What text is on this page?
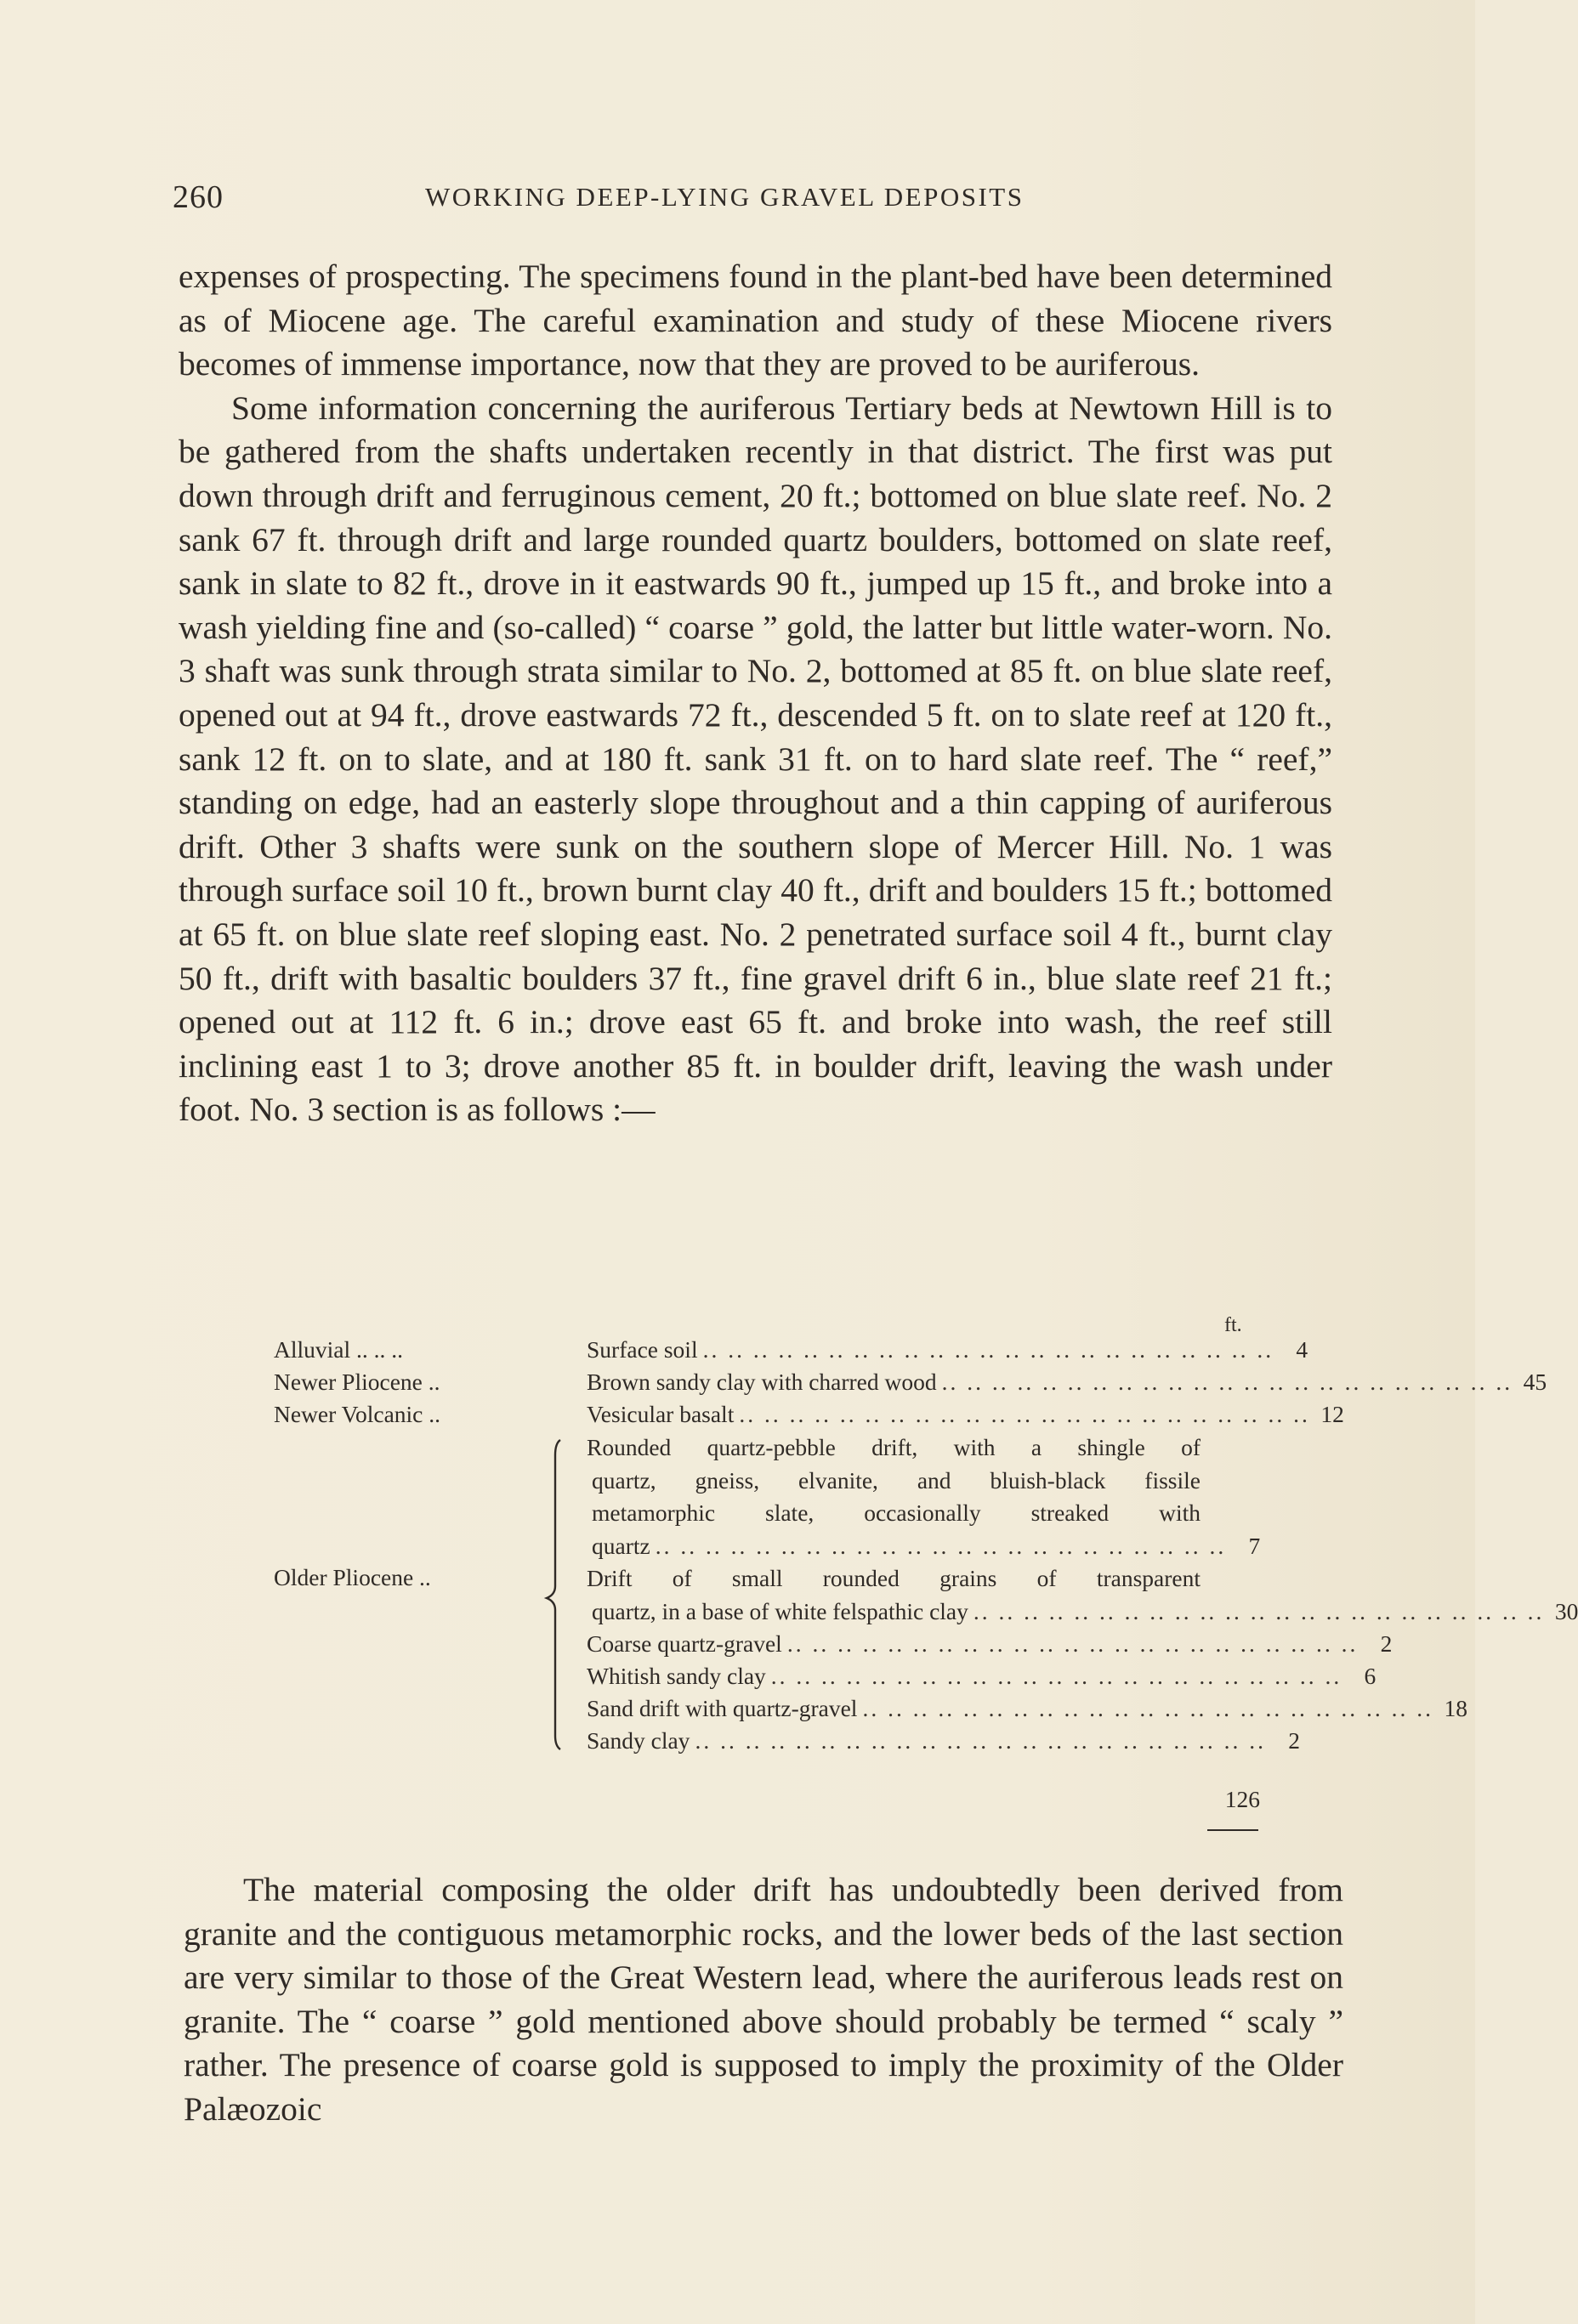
260	WORKING DEEP-LYING GRAVEL DEPOSITS

expenses of prospecting. The specimens found in the plant-bed have been determined as of Miocene age. The careful examination and study of these Miocene rivers becomes of immense importance, now that they are proved to be auriferous.

Some information concerning the auriferous Tertiary beds at Newtown Hill is to be gathered from the shafts undertaken recently in that district. The first was put down through drift and ferruginous cement, 20 ft.; bottomed on blue slate reef. No. 2 sank 67 ft. through drift and large rounded quartz boulders, bottomed on slate reef, sank in slate to 82 ft., drove in it eastwards 90 ft., jumped up 15 ft., and broke into a wash yielding fine and (so-called) “ coarse ” gold, the latter but little water-worn. No. 3 shaft was sunk through strata similar to No. 2, bottomed at 85 ft. on blue slate reef, opened out at 94 ft., drove eastwards 72 ft., descended 5 ft. on to slate reef at 120 ft., sank 12 ft. on to slate, and at 180 ft. sank 31 ft. on to hard slate reef. The “ reef,” standing on edge, had an easterly slope throughout and a thin capping of auriferous drift. Other 3 shafts were sunk on the southern slope of Mercer Hill. No. 1 was through surface soil 10 ft., brown burnt clay 40 ft., drift and boulders 15 ft.; bottomed at 65 ft. on blue slate reef sloping east. No. 2 penetrated surface soil 4 ft., burnt clay 50 ft., drift with basaltic boulders 37 ft., fine gravel drift 6 in., blue slate reef 21 ft.; opened out at 112 ft. 6 in.; drove east 65 ft. and broke into wash, the reef still inclining east 1 to 3; drove another 85 ft. in boulder drift, leaving the wash under foot. No. 3 section is as follows :—

ft.
Alluvial .. .. ..
Newer Pliocene ..
Newer Volcanic ..
Older Pliocene ..
Surface soil .. .. .. .. .. .. .. .. .. .. .. .. .. .. .. .. .. .. .. .. .. .. .. 4
Brown sandy clay with charred wood .. .. .. .. .. .. .. .. .. .. .. .. .. .. .. .. .. .. .. .. .. .. .. 45
Vesicular basalt .. .. .. .. .. .. .. .. .. .. .. .. .. .. .. .. .. .. .. .. .. .. .. 12
Rounded quartz-pebble drift, with a shingle of
quartz, gneiss, elvanite, and bluish-black fissile
metamorphic slate, occasionally streaked with
quartz .. .. .. .. .. .. .. .. .. .. .. .. .. .. .. .. .. .. .. .. .. .. .. 7
Drift of small rounded grains of transparent
quartz, in a base of white felspathic clay .. .. .. .. .. .. .. .. .. .. .. .. .. .. .. .. .. .. .. .. .. .. .. 30
Coarse quartz-gravel .. .. .. .. .. .. .. .. .. .. .. .. .. .. .. .. .. .. .. .. .. .. .. 2
Whitish sandy clay .. .. .. .. .. .. .. .. .. .. .. .. .. .. .. .. .. .. .. .. .. .. .. 6
Sand drift with quartz-gravel .. .. .. .. .. .. .. .. .. .. .. .. .. .. .. .. .. .. .. .. .. .. .. 18
Sandy clay .. .. .. .. .. .. .. .. .. .. .. .. .. .. .. .. .. .. .. .. .. .. .. 2
126

The material composing the older drift has undoubtedly been derived from granite and the contiguous metamorphic rocks, and the lower beds of the last section are very similar to those of the Great Western lead, where the auriferous leads rest on granite. The “ coarse ” gold mentioned above should probably be termed “ scaly ” rather. The presence of coarse gold is supposed to imply the proximity of the Older Palæozoic
